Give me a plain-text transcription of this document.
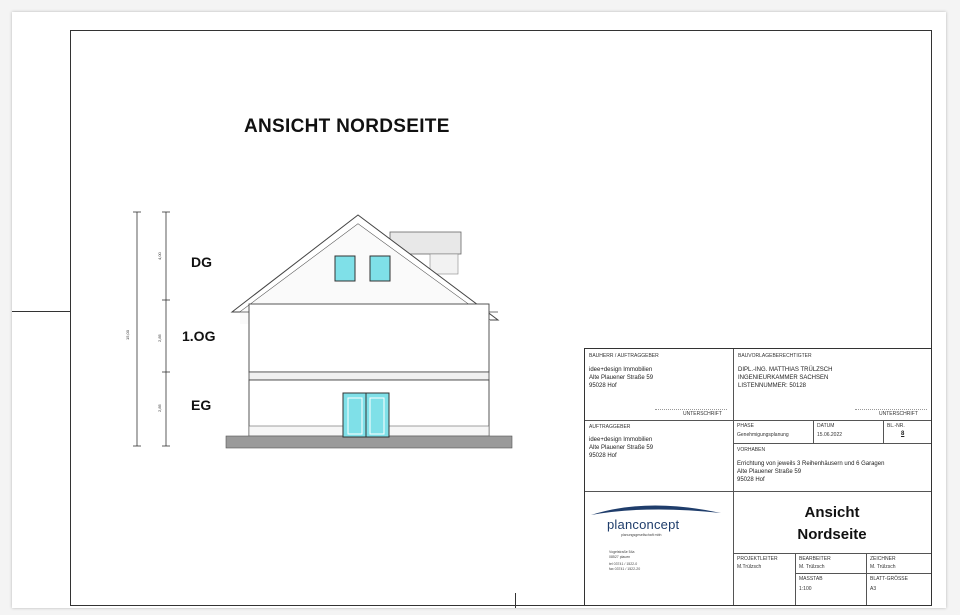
ANSICHT NORDSEITE
DG
1.OG
EG
15,00
4,00
2,85
2,85
BAUHERR / AUFTRAGGEBER
idee+design Immobilien
Alte Plauener Straße 59
95028 Hof
UNTERSCHRIFT
BAUVORLAGEBERECHTIGTER
DIPL.-ING. MATTHIAS TRÜLZSCH
INGENIEURKAMMER SACHSEN
LISTENNUMMER: 50128
UNTERSCHRIFT
AUFTRAGGEBER
idee+design Immobilien
Alte Plauener Straße 59
95028 Hof
PHASE
Genehmigungsplanung
DATUM
15.06.2022
BL.-NR.
8
VORHABEN
Errichtung von jeweils 3 Reihenhäusern und 6 Garagen
Alte Plauener Straße 59
95028 Hof
Ansicht
Nordseite
planconcept
planungsgesellschaft mbh
Vogelstraße 54a
08527 plauen
tel 03741 / 1522-0
fax 03741 / 1522-20
PROJEKTLEITER
M.Trülzsch
BEARBEITER
M. Trülzsch
ZEICHNER
M. Trülzsch
MASSTAB
1:100
BLATT-GRÖSSE
A3
